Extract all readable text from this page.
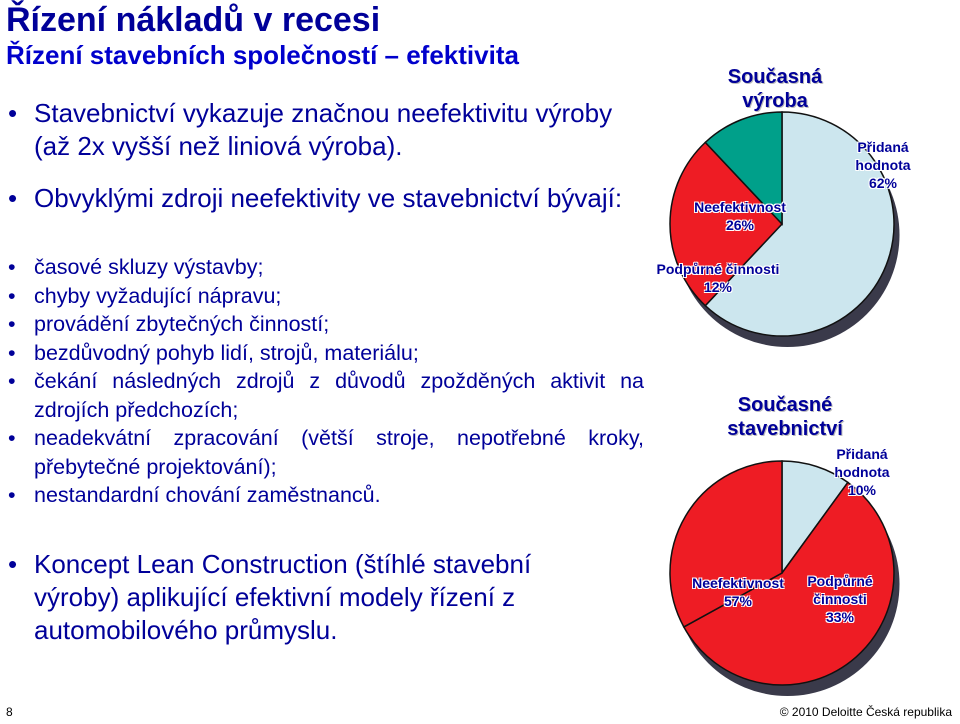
Řízení nákladů v recesi
Řízení stavebních společností – efektivita
• Stavebnictví vykazuje značnou neefektivitu výroby (až 2x vyšší než liniová výroba).
• Obvyklými zdroji neefektivity ve stavebnictví bývají:
• časové skluzy výstavby;
• chyby vyžadující nápravu;
• provádění zbytečných činností;
• bezdůvodný pohyb lidí, strojů, materiálu;
• čekání následných zdrojů z důvodů zpožděných aktivit na zdrojích předchozích;
• neadekvátní zpracování (větší stroje, nepotřebné kroky, přebytečné projektování);
• nestandardní chování zaměstnanců.
• Koncept Lean Construction (štíhlé stavební výroby) aplikující efektivní modely řízení z automobilového průmyslu.
Současná výroba
Současné stavebnictví
Přidaná hodnota
62%
Neefektivnost
26%
Podpůrné činnosti
12%
Přidaná hodnota
10%
Neefektivnost
57%
Podpůrné činnosti
33%
8	© 2010 Deloitte Česká republika
